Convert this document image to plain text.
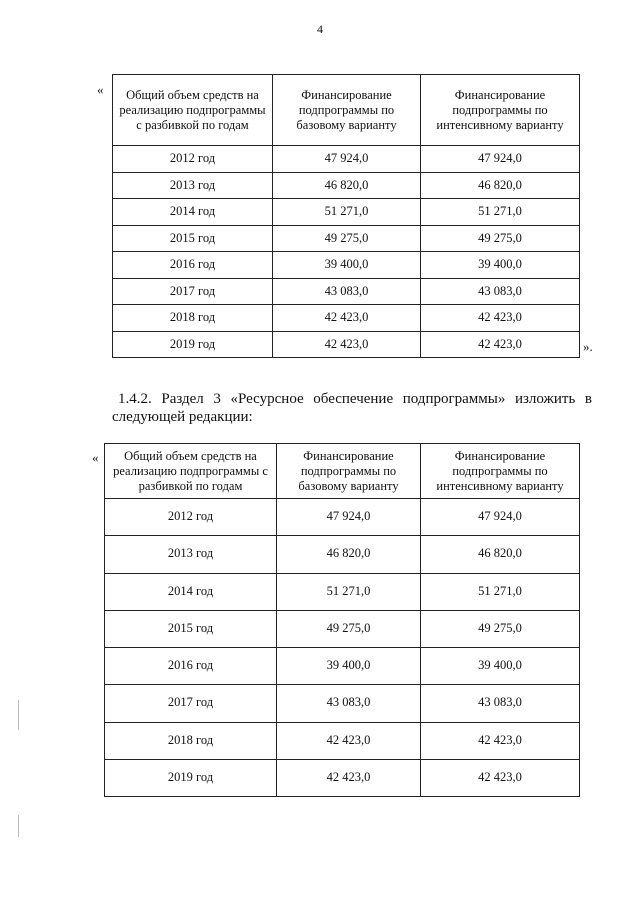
4
« Общий объем средств на реализацию подпрограммы с разбивкой по годам	Финансирование подпрограммы по базовому варианту	Финансирование подпрограммы по интенсивному варианту
2012 год	47 924,0	47 924,0
2013 год	46 820,0	46 820,0
2014 год	51 271,0	51 271,0
2015 год	49 275,0	49 275,0
2016 год	39 400,0	39 400,0
2017 год	43 083,0	43 083,0
2018 год	42 423,0	42 423,0
2019 год	42 423,0	42 423,0	».
1.4.2. Раздел 3 «Ресурсное обеспечение подпрограммы» изложить в следующей редакции:
« Общий объем средств на реализацию подпрограммы с разбивкой по годам	Финансирование подпрограммы по базовому варианту	Финансирование подпрограммы по интенсивному варианту
2012 год	47 924,0	47 924,0
2013 год	46 820,0	46 820,0
2014 год	51 271,0	51 271,0
2015 год	49 275,0	49 275,0
2016 год	39 400,0	39 400,0
2017 год	43 083,0	43 083,0
2018 год	42 423,0	42 423,0
2019 год	42 423,0	42 423,0
